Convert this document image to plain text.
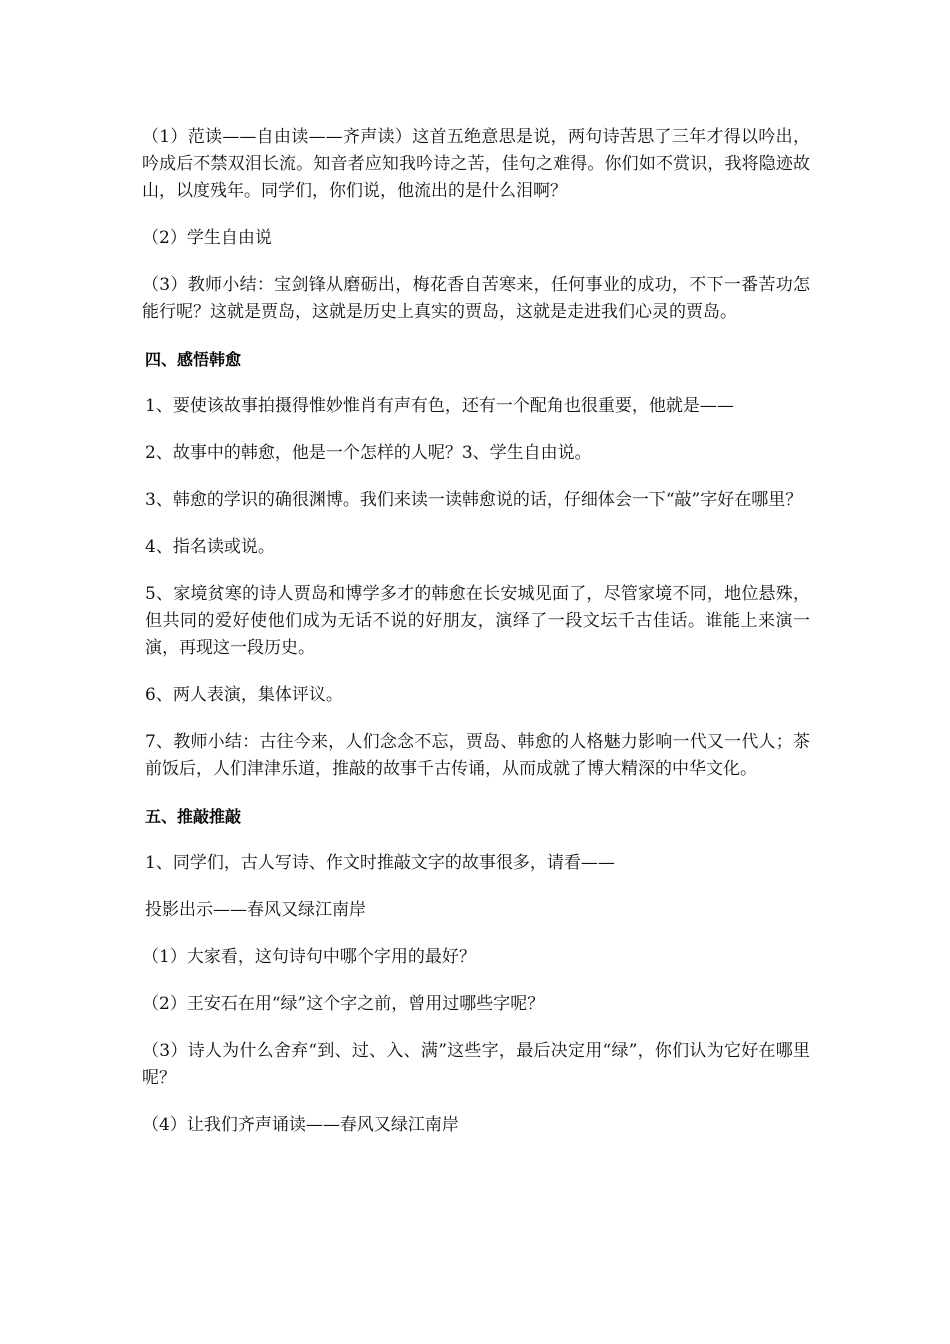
（1）范读——自由读——齐声读）这首五绝意思是说，两句诗苦思了三年才得以吟出，吟成后不禁双泪长流。知音者应知我吟诗之苦，佳句之难得。你们如不赏识，我将隐迹故山，以度残年。同学们，你们说，他流出的是什么泪啊？

（2）学生自由说

（3）教师小结：宝剑锋从磨砺出，梅花香自苦寒来，任何事业的成功，不下一番苦功怎能行呢？这就是贾岛，这就是历史上真实的贾岛，这就是走进我们心灵的贾岛。

四、感悟韩愈

1、要使该故事拍摄得惟妙惟肖有声有色，还有一个配角也很重要，他就是——

2、故事中的韩愈，他是一个怎样的人呢？3、学生自由说。

3、韩愈的学识的确很渊博。我们来读一读韩愈说的话，仔细体会一下“敲”字好在哪里？

4、指名读或说。

5、家境贫寒的诗人贾岛和博学多才的韩愈在长安城见面了，尽管家境不同，地位悬殊，但共同的爱好使他们成为无话不说的好朋友，演绎了一段文坛千古佳话。谁能上来演一演，再现这一段历史。

6、两人表演，集体评议。

7、教师小结：古往今来，人们念念不忘，贾岛、韩愈的人格魅力影响一代又一代人；茶前饭后，人们津津乐道，推敲的故事千古传诵，从而成就了博大精深的中华文化。

五、推敲推敲

1、同学们，古人写诗、作文时推敲文字的故事很多，请看——

投影出示——春风又绿江南岸

（1）大家看，这句诗句中哪个字用的最好？

（2）王安石在用“绿”这个字之前，曾用过哪些字呢？

（3）诗人为什么舍弃“到、过、入、满”这些字，最后决定用“绿”，你们认为它好在哪里呢？

（4）让我们齐声诵读——春风又绿江南岸
